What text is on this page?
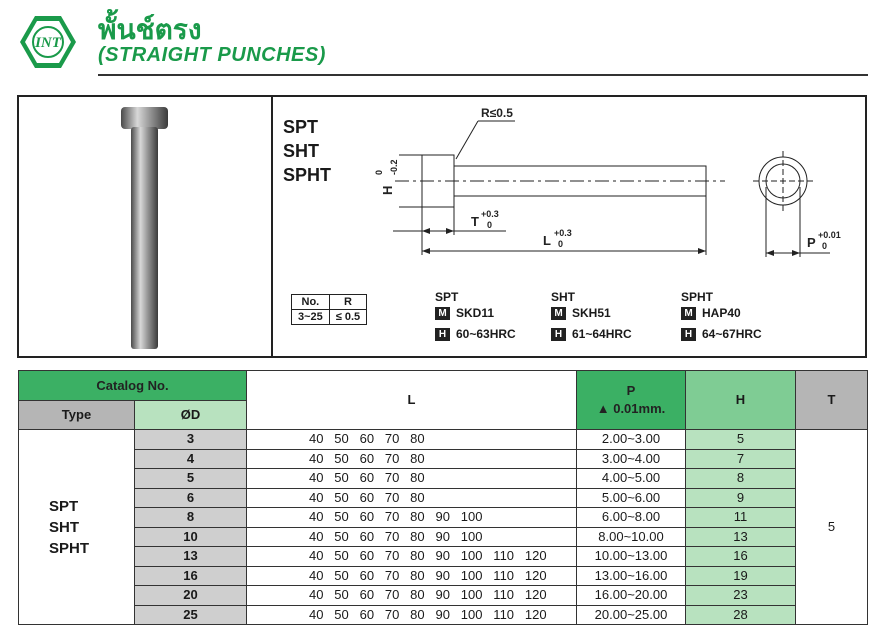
INT พั้นช์ตรง
(STRAIGHT PUNCHES)
SPT
SHT
SPHT
R≤0.5
H
0 -0.2
T +0.3
0
L +0.3
0	P +0.01
0
No.	R
3~25	≤ 0.5
SPT
M SKD11
H 60~63HRC
SHT
M SKH51
H 61~64HRC
SPHT
M HAP40
H 64~67HRC
Catalog No.		L	P
▲ 0.01mm.	H	T
Type	ØD				

SPT
SHT
SPHT	3	40   50   60   70   80	2.00~3.00	5	5
	4	40   50   60   70   80	3.00~4.00	7	
	5	40   50   60   70   80	4.00~5.00	8	
	6	40   50   60   70   80	5.00~6.00	9	
	8	40   50   60   70   80   90   100	6.00~8.00	11	
	10	40   50   60   70   80   90   100	8.00~10.00	13	
	13	40   50   60   70   80   90   100   110   120	10.00~13.00	16	
	16	40   50   60   70   80   90   100   110   120	13.00~16.00	19	
	20	40   50   60   70   80   90   100   110   120	16.00~20.00	23	
	25	40   50   60   70   80   90   100   110   120	20.00~25.00	28	
